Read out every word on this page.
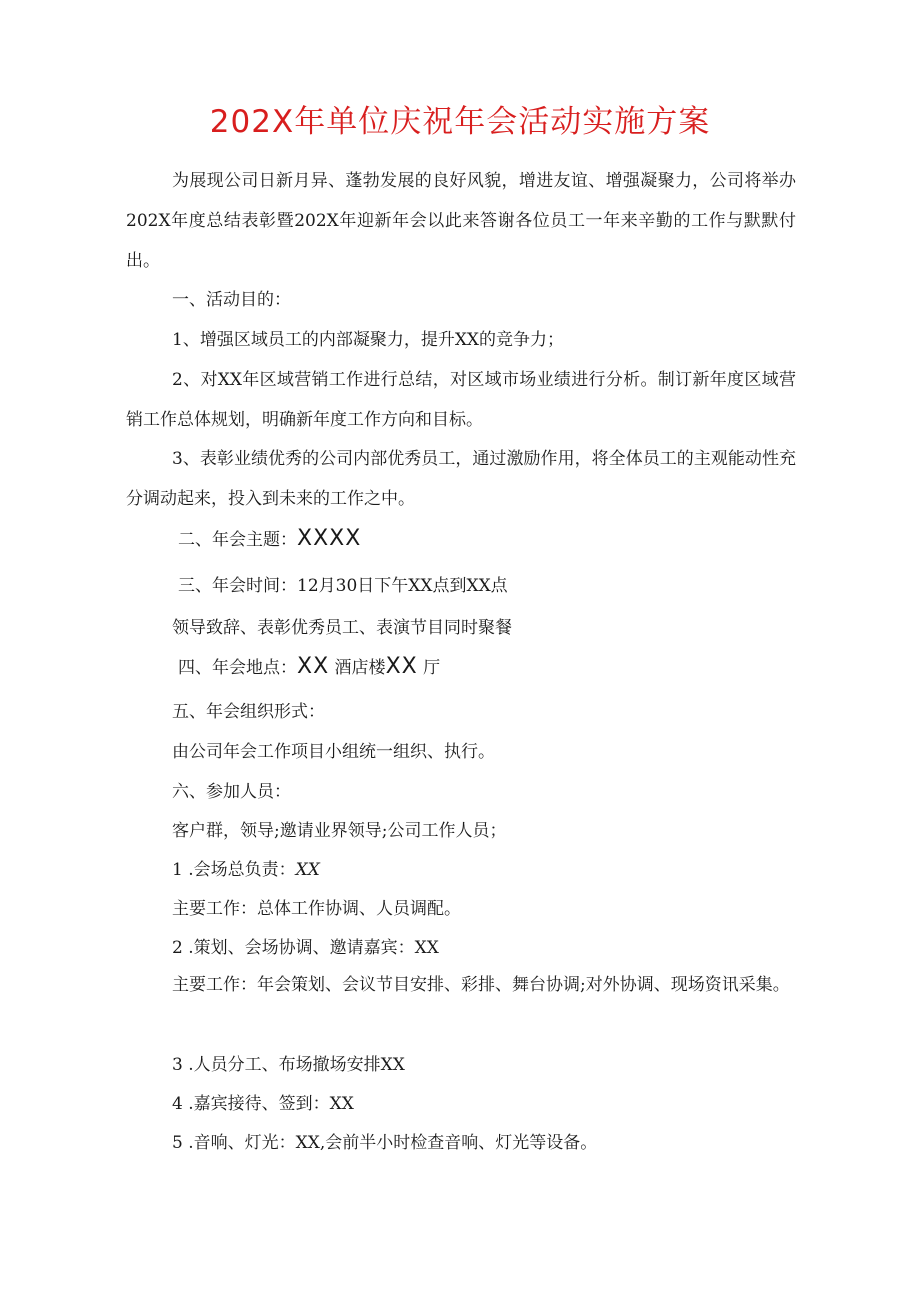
202X年单位庆祝年会活动实施方案
为展现公司日新月异、蓬勃发展的良好风貌，增进友谊、增强凝聚力，公司将举办202X年度总结表彰暨202X年迎新年会以此来答谢各位员工一年来辛勤的工作与默默付出。
一、活动目的：
1、增强区域员工的内部凝聚力，提升XX的竞争力；
2、对XX年区域营销工作进行总结，对区域市场业绩进行分析。制订新年度区域营销工作总体规划，明确新年度工作方向和目标。
3、表彰业绩优秀的公司内部优秀员工，通过激励作用，将全体员工的主观能动性充分调动起来，投入到未来的工作之中。
二、年会主题：XXXX
三、年会时间：12月30日下午XX点到XX点
领导致辞、表彰优秀员工、表演节目同时聚餐
四、年会地点：XX 酒店楼XX 厅
五、年会组织形式：
由公司年会工作项目小组统一组织、执行。
六、参加人员：
客户群，领导;邀请业界领导;公司工作人员；
1 .会场总负责：XX
主要工作：总体工作协调、人员调配。
2 .策划、会场协调、邀请嘉宾：XX
主要工作：年会策划、会议节目安排、彩排、舞台协调;对外协调、现场资讯采集。
3 .人员分工、布场撤场安排XX
4 .嘉宾接待、签到：XX
5 .音响、灯光：XX,会前半小时检查音响、灯光等设备。
